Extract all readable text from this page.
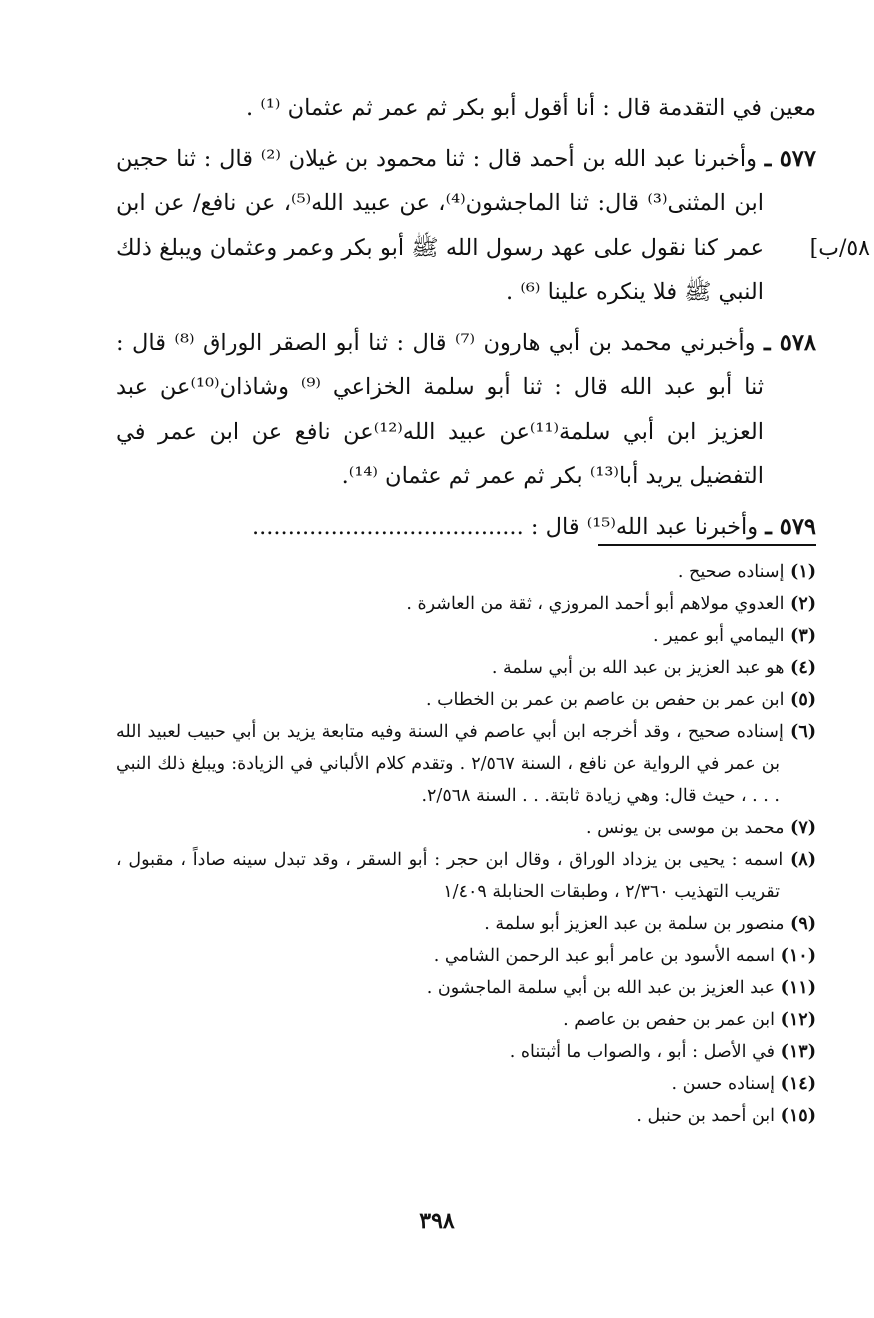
[٥٨/ب

معين في التقدمة قال : أنا أقول أبو بكر ثم عمر ثم عثمان ⁽¹⁾ .

٥٧٧ ـ وأخبرنا عبد الله بن أحمد قال : ثنا محمود بن غيلان ⁽²⁾ قال : ثنا حجين ابن المثنى⁽³⁾ قال: ثنا الماجشون⁽⁴⁾، عن عبيد الله⁽⁵⁾، عن نافع/ عن ابن عمر كنا نقول على عهد رسول الله ﷺ أبو بكر وعمر وعثمان ويبلغ ذلك النبي ﷺ فلا ينكره علينا ⁽⁶⁾ .

٥٧٨ ـ وأخبرني محمد بن أبي هارون ⁽⁷⁾ قال : ثنا أبو الصقر الوراق ⁽⁸⁾ قال : ثنا أبو عبد الله قال : ثنا أبو سلمة الخزاعي ⁽⁹⁾ وشاذان⁽¹⁰⁾عن عبد العزيز ابن أبي سلمة⁽¹¹⁾عن عبيد الله⁽¹²⁾عن نافع عن ابن عمر في التفضيل يريد أبا⁽¹³⁾ بكر ثم عمر ثم عثمان ⁽¹⁴⁾.

٥٧٩ ـ وأخبرنا عبد الله⁽¹⁵⁾ قال : ......................................

(١) إسناده صحيح .

(٢) العدوي مولاهم أبو أحمد المروزي ، ثقة من العاشرة .

(٣) اليمامي أبو عمير .

(٤) هو عبد العزيز بن عبد الله بن أبي سلمة .

(٥) ابن عمر بن حفص بن عاصم بن عمر بن الخطاب .

(٦) إسناده صحيح ، وقد أخرجه ابن أبي عاصم في السنة وفيه متابعة يزيد بن أبي حبيب لعبيد الله بن عمر في الرواية عن نافع ، السنة ٢/٥٦٧ . وتقدم كلام الألباني في الزيادة: ويبلغ ذلك النبي . . . ، حيث قال: وهي زيادة ثابتة. . . السنة ٢/٥٦٨.

(٧) محمد بن موسى بن يونس .

(٨) اسمه : يحيى بن يزداد الوراق ، وقال ابن حجر : أبو السقر ، وقد تبدل سينه صاداً ، مقبول ، تقريب التهذيب ٢/٣٦٠ ، وطبقات الحنابلة ١/٤٠٩

(٩) منصور بن سلمة بن عبد العزيز أبو سلمة .

(١٠) اسمه الأسود بن عامر أبو عبد الرحمن الشامي .

(١١) عبد العزيز بن عبد الله بن أبي سلمة الماجشون .

(١٢) ابن عمر بن حفص بن عاصم .

(١٣) في الأصل : أبو ، والصواب ما أثبتناه .

(١٤) إسناده حسن .

(١٥) ابن أحمد بن حنبل .

٣٩٨
